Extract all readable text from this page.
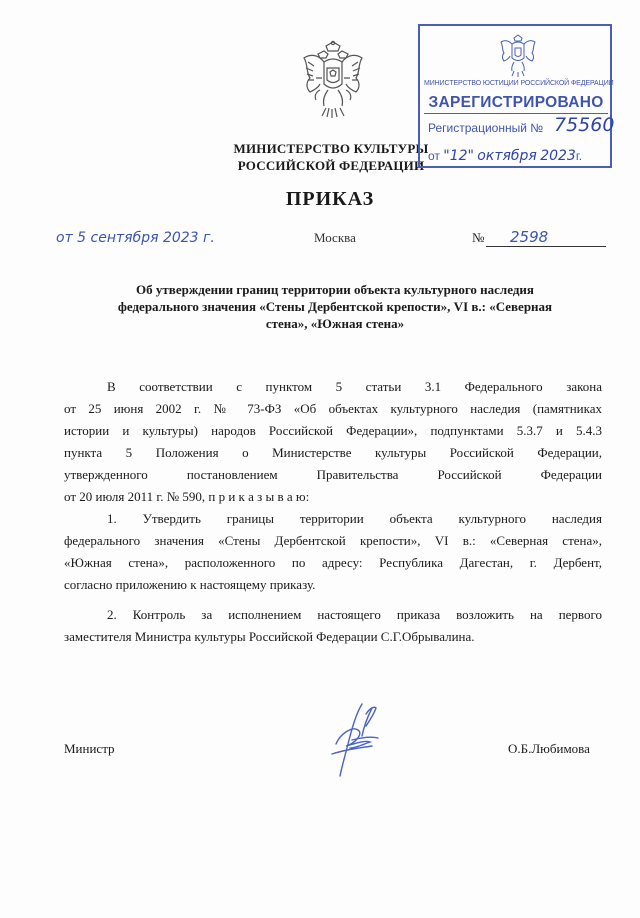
МИНИСТЕРСТВО КУЛЬТУРЫ
РОССИЙСКОЙ ФЕДЕРАЦИИ
МИНИСТЕРСТВО ЮСТИЦИИ РОССИЙСКОЙ ФЕДЕРАЦИИ
ЗАРЕГИСТРИРОВАНО
Регистрационный № 75560
от "12" октября 2023г.
ПРИКАЗ
от 5 сентября 2023 г.	Москва	№ 2598
Об утверждении границ территории объекта культурного наследия
федерального значения «Стены Дербентской крепости», VI в.: «Северная
стена», «Южная стена»
В соответствии с пунктом 5 статьи 3.1 Федерального закона
от 25 июня 2002 г. № 73-ФЗ «Об объектах культурного наследия (памятниках
истории и культуры) народов Российской Федерации», подпунктами 5.3.7 и 5.4.3
пункта 5 Положения о Министерстве культуры Российской Федерации,
утвержденного постановлением Правительства Российской Федерации
от 20 июля 2011 г. № 590, п р и к а з ы в а ю:
1. Утвердить границы территории объекта культурного наследия
федерального значения «Стены Дербентской крепости», VI в.: «Северная стена»,
«Южная стена», расположенного по адресу: Республика Дагестан, г. Дербент,
согласно приложению к настоящему приказу.
2. Контроль за исполнением настоящего приказа возложить на первого
заместителя Министра культуры Российской Федерации С.Г.Обрывалина.
Министр	О.Б.Любимова
